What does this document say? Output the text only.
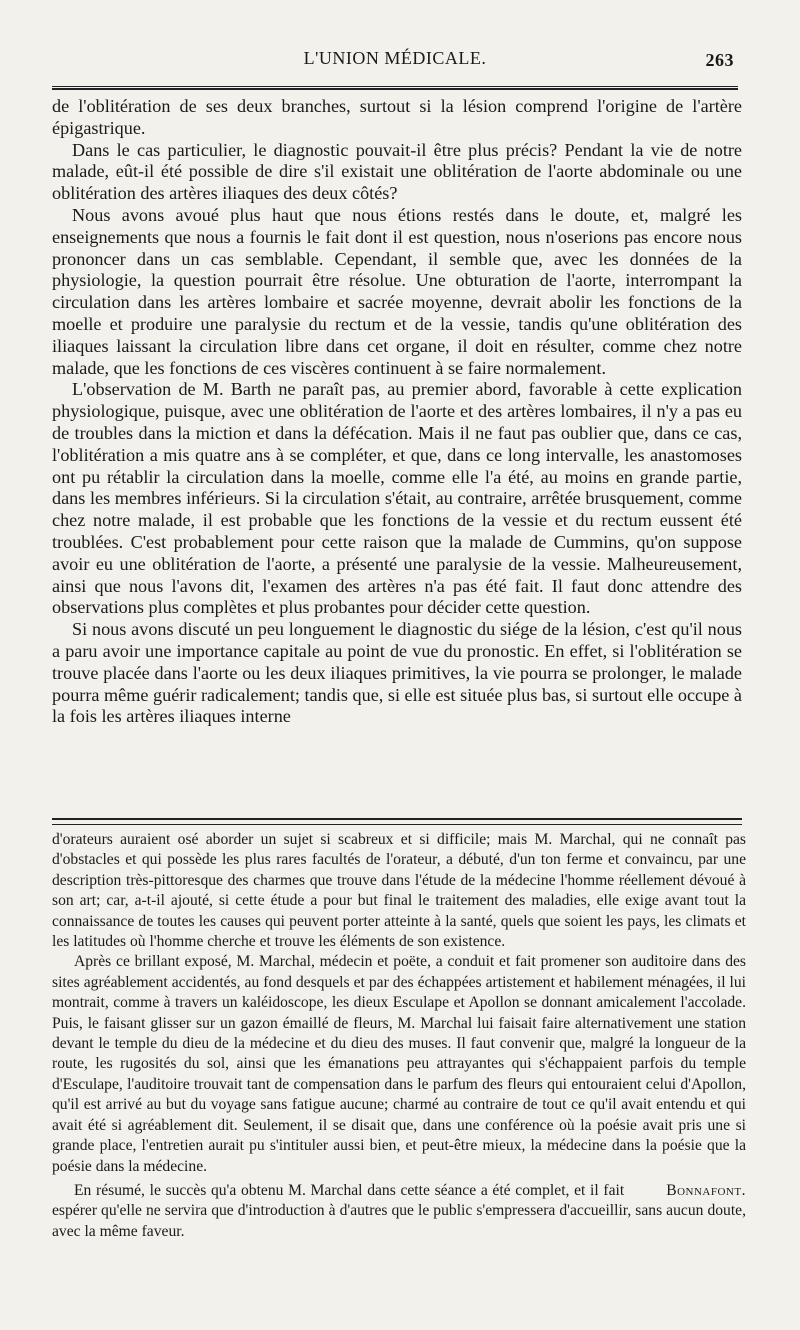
L'UNION MÉDICALE.	263

de l'oblitération de ses deux branches, surtout si la lésion comprend l'origine de l'artère épigastrique.

Dans le cas particulier, le diagnostic pouvait-il être plus précis? Pendant la vie de notre malade, eût-il été possible de dire s'il existait une oblitération de l'aorte abdominale ou une oblitération des artères iliaques des deux côtés?

Nous avons avoué plus haut que nous étions restés dans le doute, et, malgré les enseignements que nous a fournis le fait dont il est question, nous n'oserions pas encore nous prononcer dans un cas semblable. Cependant, il semble que, avec les données de la physiologie, la question pourrait être résolue. Une obturation de l'aorte, interrompant la circulation dans les artères lombaire et sacrée moyenne, devrait abolir les fonctions de la moelle et produire une paralysie du rectum et de la vessie, tandis qu'une oblitération des iliaques laissant la circulation libre dans cet organe, il doit en résulter, comme chez notre malade, que les fonctions de ces viscères continuent à se faire normalement.

L'observation de M. Barth ne paraît pas, au premier abord, favorable à cette explication physiologique, puisque, avec une oblitération de l'aorte et des artères lombaires, il n'y a pas eu de troubles dans la miction et dans la défécation. Mais il ne faut pas oublier que, dans ce cas, l'oblitération a mis quatre ans à se compléter, et que, dans ce long intervalle, les anastomoses ont pu rétablir la circulation dans la moelle, comme elle l'a été, au moins en grande partie, dans les membres inférieurs. Si la circulation s'était, au contraire, arrêtée brusquement, comme chez notre malade, il est probable que les fonctions de la vessie et du rectum eussent été troublées. C'est probablement pour cette raison que la malade de Cummins, qu'on suppose avoir eu une oblitération de l'aorte, a présenté une paralysie de la vessie. Malheureusement, ainsi que nous l'avons dit, l'examen des artères n'a pas été fait. Il faut donc attendre des observations plus complètes et plus probantes pour décider cette question.

Si nous avons discuté un peu longuement le diagnostic du siége de la lésion, c'est qu'il nous a paru avoir une importance capitale au point de vue du pronostic. En effet, si l'oblitération se trouve placée dans l'aorte ou les deux iliaques primitives, la vie pourra se prolonger, le malade pourra même guérir radicalement; tandis que, si elle est située plus bas, si surtout elle occupe à la fois les artères iliaques interne

d'orateurs auraient osé aborder un sujet si scabreux et si difficile; mais M. Marchal, qui ne connaît pas d'obstacles et qui possède les plus rares facultés de l'orateur, a débuté, d'un ton ferme et convaincu, par une description très-pittoresque des charmes que trouve dans l'étude de la médecine l'homme réellement dévoué à son art; car, a-t-il ajouté, si cette étude a pour but final le traitement des maladies, elle exige avant tout la connaissance de toutes les causes qui peuvent porter atteinte à la santé, quels que soient les pays, les climats et les latitudes où l'homme cherche et trouve les éléments de son existence.

Après ce brillant exposé, M. Marchal, médecin et poëte, a conduit et fait promener son auditoire dans des sites agréablement accidentés, au fond desquels et par des échappées artistement et habilement ménagées, il lui montrait, comme à travers un kaléidoscope, les dieux Esculape et Apollon se donnant amicalement l'accolade. Puis, le faisant glisser sur un gazon émaillé de fleurs, M. Marchal lui faisait faire alternativement une station devant le temple du dieu de la médecine et du dieu des muses. Il faut convenir que, malgré la longueur de la route, les rugosités du sol, ainsi que les émanations peu attrayantes qui s'échappaient parfois du temple d'Esculape, l'auditoire trouvait tant de compensation dans le parfum des fleurs qui entouraient celui d'Apollon, qu'il est arrivé au but du voyage sans fatigue aucune; charmé au contraire de tout ce qu'il avait entendu et qui avait été si agréablement dit. Seulement, il se disait que, dans une conférence où la poésie avait pris une si grande place, l'entretien aurait pu s'intituler aussi bien, et peut-être mieux, la médecine dans la poésie que la poésie dans la médecine.

Bonnafont.
En résumé, le succès qu'a obtenu M. Marchal dans cette séance a été complet, et il fait espérer qu'elle ne servira que d'introduction à d'autres que le public s'empressera d'accueillir, sans aucun doute, avec la même faveur.
